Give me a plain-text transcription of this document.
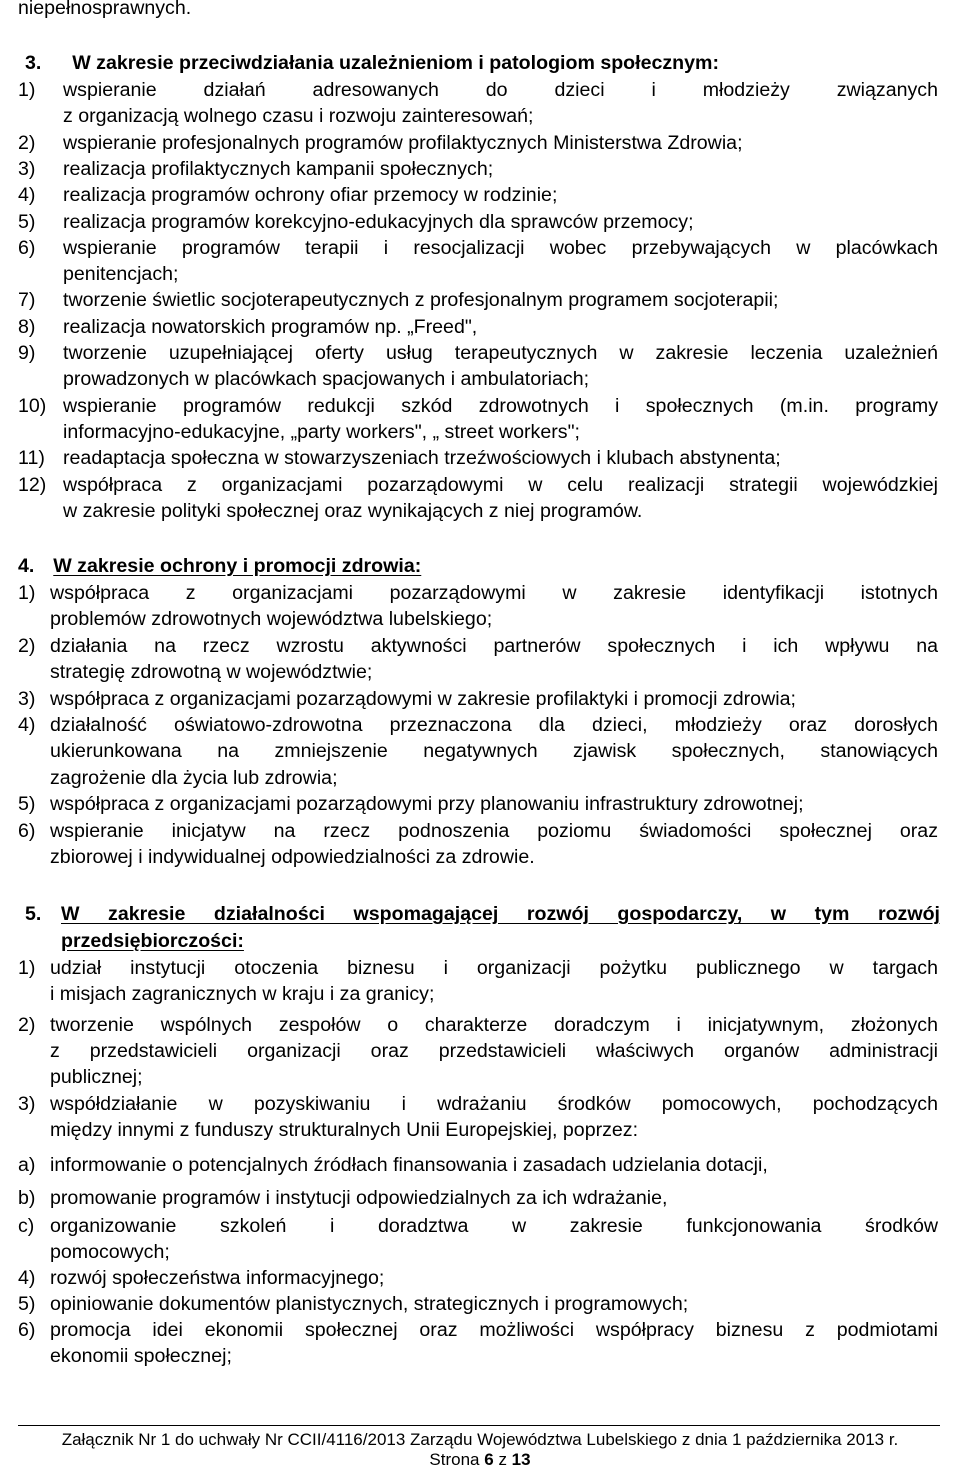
niepełnosprawnych.
3. W zakresie przeciwdziałania uzależnieniom i patologiom społecznym:
1) wspieranie działań adresowanych do dzieci i młodzieży związanych
z organizacją wolnego czasu i rozwoju zainteresowań;
2) wspieranie profesjonalnych programów profilaktycznych Ministerstwa Zdrowia;
3) realizacja profilaktycznych kampanii społecznych;
4) realizacja programów ochrony ofiar przemocy w rodzinie;
5) realizacja programów korekcyjno-edukacyjnych dla sprawców przemocy;
6) wspieranie programów terapii i resocjalizacji wobec przebywających w placówkach
penitencjach;
7) tworzenie świetlic socjoterapeutycznych z profesjonalnym programem socjoterapii;
8) realizacja nowatorskich programów np. „Freed",
9) tworzenie uzupełniającej oferty usług terapeutycznych w zakresie leczenia uzależnień
prowadzonych w placówkach spacjowanych i ambulatoriach;
10) wspieranie programów redukcji szkód zdrowotnych i społecznych (m.in. programy
informacyjno-edukacyjne, „party workers", „ street workers";
11) readaptacja społeczna w stowarzyszeniach trzeźwościowych i klubach abstynenta;
12) współpraca z organizacjami pozarządowymi w celu realizacji strategii wojewódzkiej
w zakresie polityki społecznej oraz wynikających z niej programów.
1) współpraca z organizacjami pozarządowymi w zakresie identyfikacji istotnych
problemów zdrowotnych województwa lubelskiego;
2) działania na rzecz wzrostu aktywności partnerów społecznych i ich wpływu na
strategię zdrowotną w województwie;
3) współpraca z organizacjami pozarządowymi w zakresie profilaktyki i promocji zdrowia;
4) działalność oświatowo-zdrowotna przeznaczona dla dzieci, młodzieży oraz dorosłych
ukierunkowana na zmniejszenie negatywnych zjawisk społecznych, stanowiących
zagrożenie dla życia lub zdrowia;
5) współpraca z organizacjami pozarządowymi przy planowaniu infrastruktury zdrowotnej;
6) wspieranie inicjatyw na rzecz podnoszenia poziomu świadomości społecznej oraz
zbiorowej i indywidualnej odpowiedzialności za zdrowie.
1) udział instytucji otoczenia biznesu i organizacji pożytku publicznego w targach
i misjach zagranicznych w kraju i za granicy;
2) tworzenie wspólnych zespołów o charakterze doradczym i inicjatywnym, złożonych
z przedstawicieli organizacji oraz przedstawicieli właściwych organów administracji
publicznej;
3) współdziałanie w pozyskiwaniu i wdrażaniu środków pomocowych, pochodzących
między innymi z funduszy strukturalnych Unii Europejskiej, poprzez:
a) informowanie o potencjalnych źródłach finansowania i zasadach udzielania dotacji,
b) promowanie programów i instytucji odpowiedzialnych za ich wdrażanie,
c) organizowanie szkoleń i doradztwa w zakresie funkcjonowania środków
pomocowych;
4) rozwój społeczeństwa informacyjnego;
5) opiniowanie dokumentów planistycznych, strategicznych i programowych;
6) promocja idei ekonomii społecznej oraz możliwości współpracy biznesu z podmiotami
ekonomii społecznej;
4. W zakresie ochrony i promocji zdrowia:
5.	W zakresie działalności wspomagającej rozwój gospodarczy, w tym rozwój
przedsiębiorczości:
Załącznik Nr 1 do uchwały Nr CCII/4116/2013 Zarządu Województwa Lubelskiego z dnia 1 października 2013 r.
Strona 6 z 13
